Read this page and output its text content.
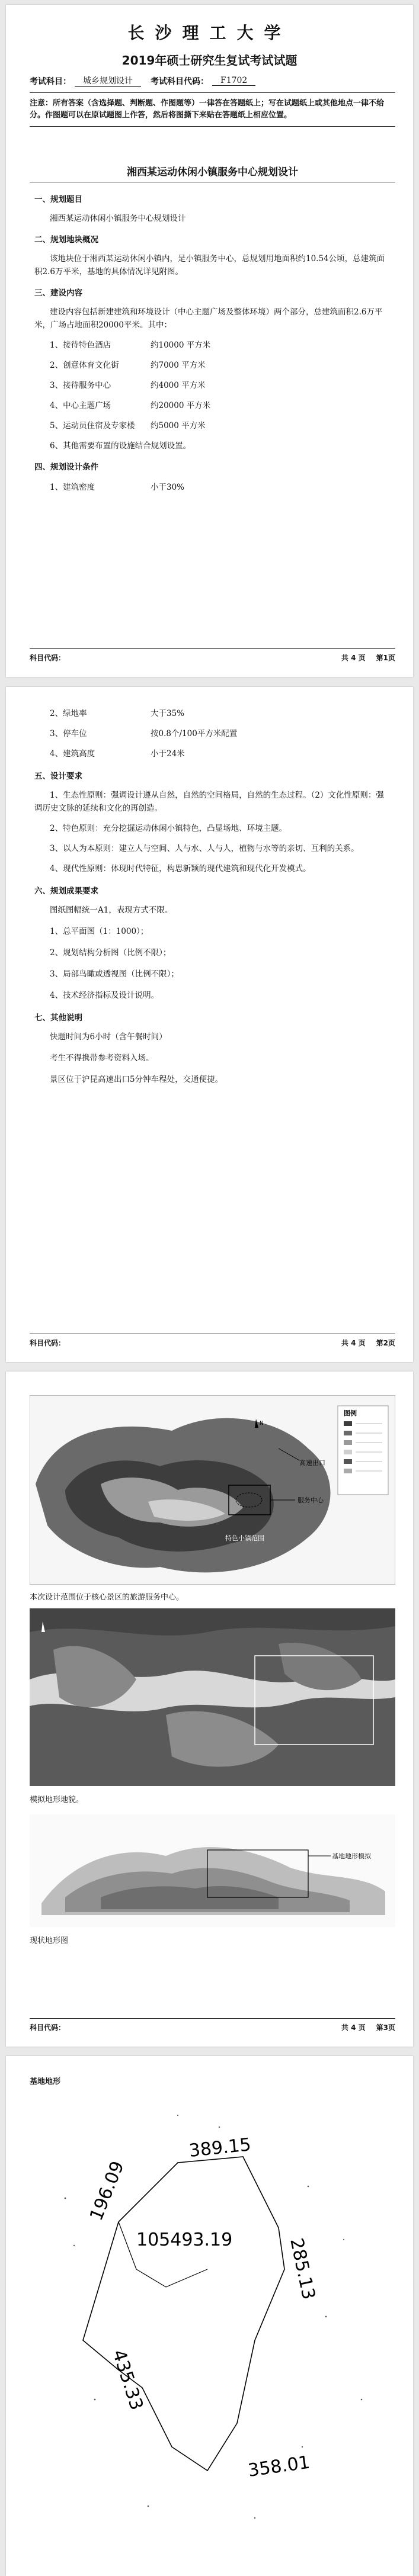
长沙理工大学
2019年硕士研究生复试考试试题
考试科目：	城乡规划设计	考试科目代码：	F1702
注意：所有答案（含选择题、判断题、作图题等）一律答在答题纸上；写在试题纸上或其他地点一律不给分。作图题可以在原试题图上作答，然后将图撕下来贴在答题纸上相应位置。
湘西某运动休闲小镇服务中心规划设计
一、规划题目
湘西某运动休闲小镇服务中心规划设计
二、规划地块概况
该地块位于湘西某运动休闲小镇内，是小镇服务中心，总规划用地面积约10.54公顷，总建筑面积2.6万平米，基地的具体情况详见附图。
三、建设内容
建设内容包括新建建筑和环境设计（中心主题广场及整体环境）两个部分，总建筑面积2.6万平米，广场占地面积20000平米。其中：
1、接待特色酒店	约10000 平方米
2、创意体育文化街	约7000 平方米
3、接待服务中心	约4000 平方米
4、中心主题广场	约20000 平方米
5、运动员住宿及专家楼	约5000 平方米
6、其他需要布置的设施结合规划设置。
四、规划设计条件
1、建筑密度	小于30%
科目代码：	共 4 页 第1页
2、绿地率	大于35%
3、停车位	按0.8个/100平方米配置
4、建筑高度	小于24米
五、设计要求
1、生态性原则：强调设计遵从自然，自然的空间格局，自然的生态过程。（2）文化性原则：强调历史文脉的延续和文化的再创造。
2、特色原则：充分挖掘运动休闲小镇特色，凸显场地、环境主题。
3、以人为本原则：建立人与空间、人与水、人与人，植物与水等的亲切、互利的关系。
4、现代性原则：体现时代特征，构思新颖的现代建筑和现代化开发模式。
六、规划成果要求
图纸图幅统一A1，表现方式不限。
1、总平面图（1：1000）；
2、规划结构分析图（比例不限）；
3、局部鸟瞰或透视图（比例不限）；
4、技术经济指标及设计说明。
七、其他说明
快题时间为6小时（含午餐时间）
考生不得携带参考资料入场。
景区位于沪昆高速出口5分钟车程处，交通便捷。
科目代码：	共 4 页 第2页
N
图例
高速出口
服务中心
特色小镇范围
本次设计范围位于核心景区的旅游服务中心。
模拟地形地貌。
基地地形模拟
现状地形图
科目代码：	共 4 页 第3页
基地地形
389.15
196.09
285.13
105493.19
435.33
358.01
